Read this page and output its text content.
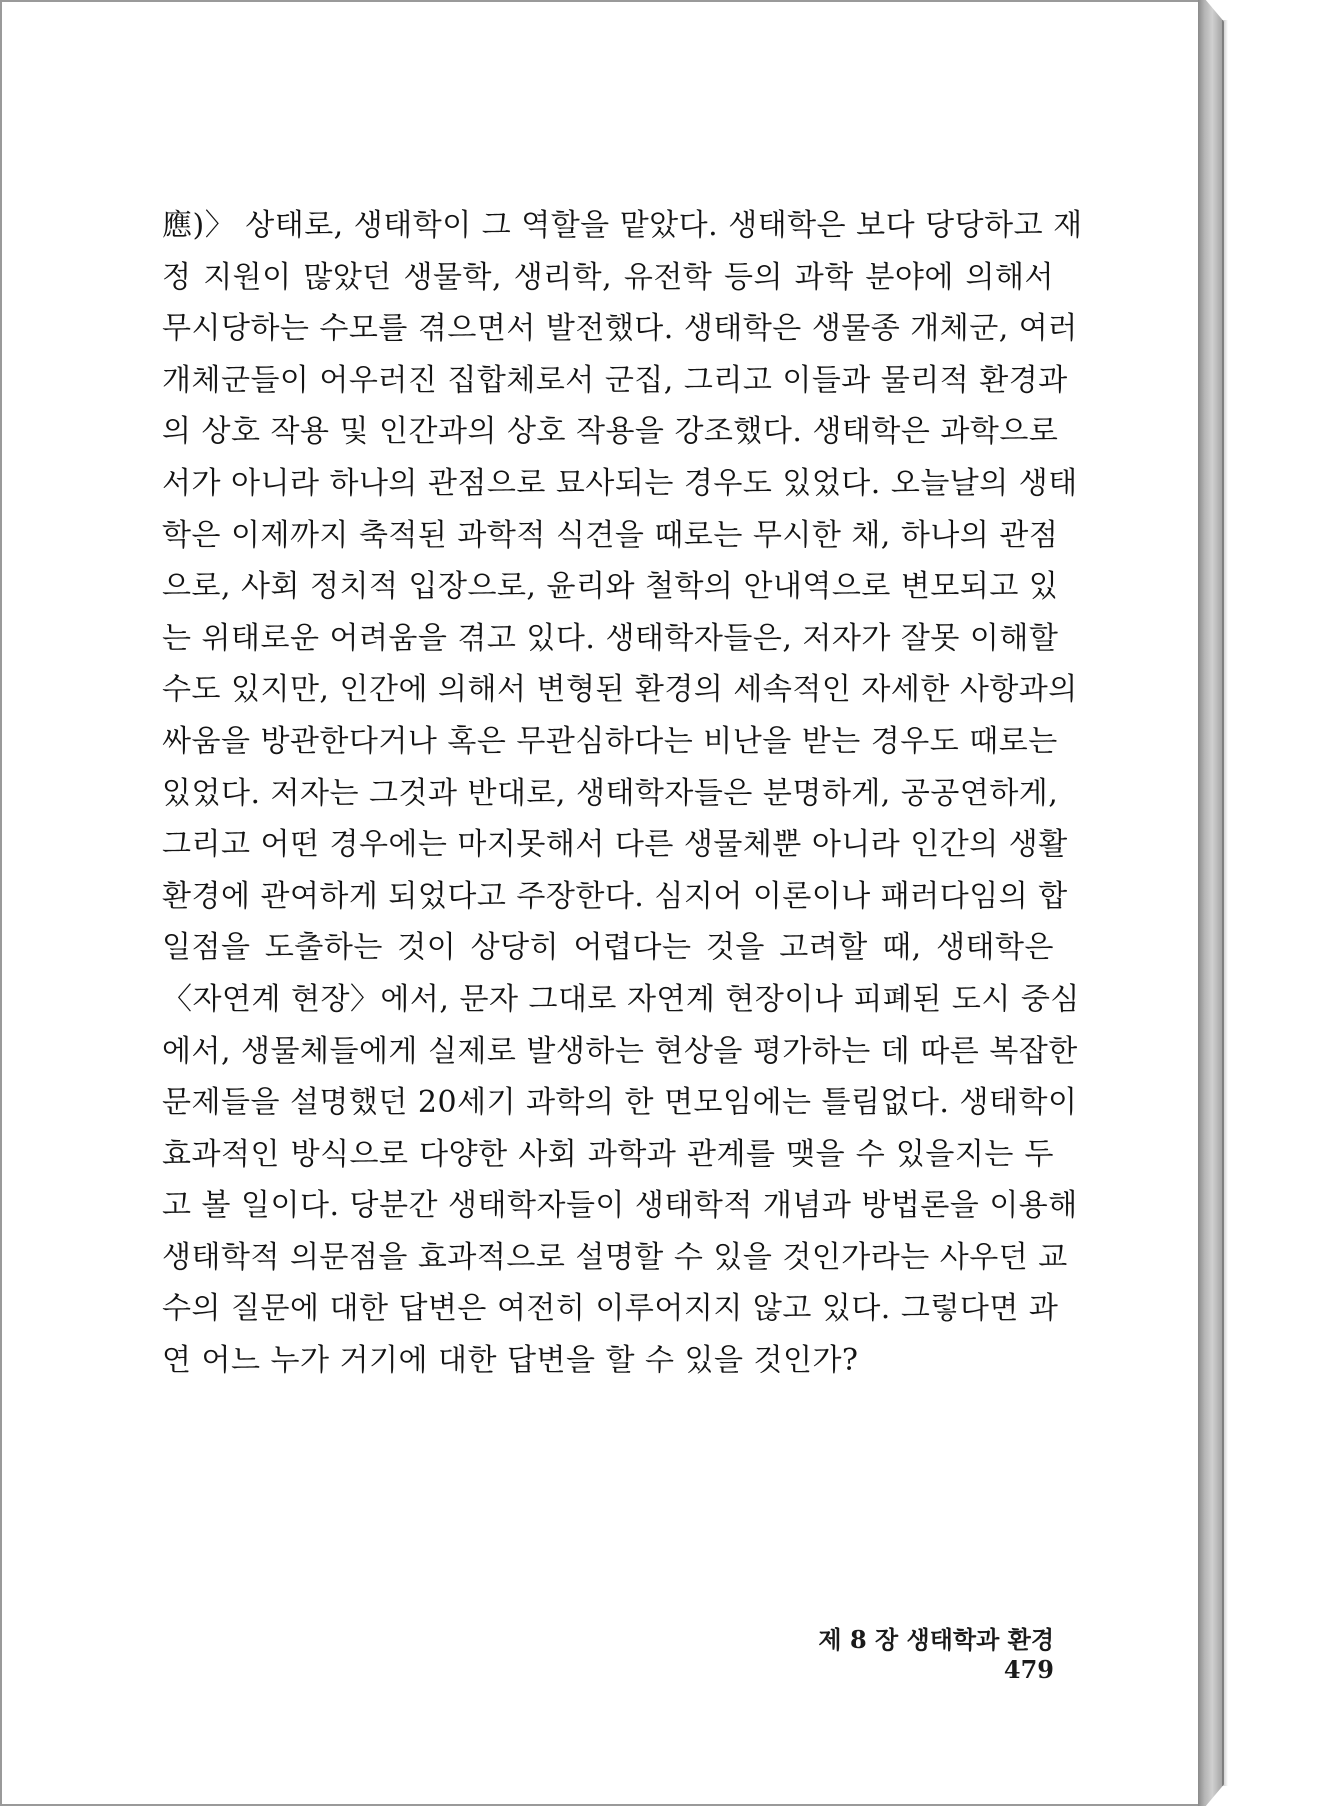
應)〉 상태로, 생태학이 그 역할을 맡았다. 생태학은 보다 당당하고 재
정 지원이 많았던 생물학, 생리학, 유전학 등의 과학 분야에 의해서
무시당하는 수모를 겪으면서 발전했다. 생태학은 생물종 개체군, 여러
개체군들이 어우러진 집합체로서 군집, 그리고 이들과 물리적 환경과
의 상호 작용 및 인간과의 상호 작용을 강조했다. 생태학은 과학으로
서가 아니라 하나의 관점으로 묘사되는 경우도 있었다. 오늘날의 생태
학은 이제까지 축적된 과학적 식견을 때로는 무시한 채, 하나의 관점
으로, 사회 정치적 입장으로, 윤리와 철학의 안내역으로 변모되고 있
는 위태로운 어려움을 겪고 있다. 생태학자들은, 저자가 잘못 이해할
수도 있지만, 인간에 의해서 변형된 환경의 세속적인 자세한 사항과의
싸움을 방관한다거나 혹은 무관심하다는 비난을 받는 경우도 때로는
있었다. 저자는 그것과 반대로, 생태학자들은 분명하게, 공공연하게,
그리고 어떤 경우에는 마지못해서 다른 생물체뿐 아니라 인간의 생활
환경에 관여하게 되었다고 주장한다. 심지어 이론이나 패러다임의 합
일점을 도출하는 것이 상당히 어렵다는 것을 고려할 때, 생태학은
〈자연계 현장〉에서, 문자 그대로 자연계 현장이나 피폐된 도시 중심
에서, 생물체들에게 실제로 발생하는 현상을 평가하는 데 따른 복잡한
문제들을 설명했던 20세기 과학의 한 면모임에는 틀림없다. 생태학이
효과적인 방식으로 다양한 사회 과학과 관계를 맺을 수 있을지는 두
고 볼 일이다. 당분간 생태학자들이 생태학적 개념과 방법론을 이용해
생태학적 의문점을 효과적으로 설명할 수 있을 것인가라는 사우던 교
수의 질문에 대한 답변은 여전히 이루어지지 않고 있다. 그렇다면 과
연 어느 누가 거기에 대한 답변을 할 수 있을 것인가?
제 8 장 생태학과 환경479
